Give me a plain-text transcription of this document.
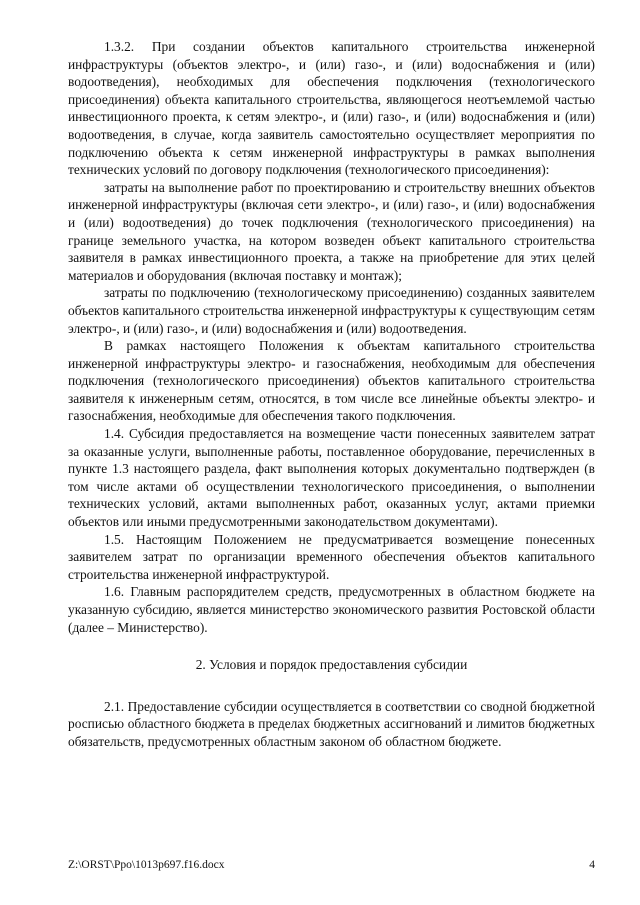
1.3.2. При создании объектов капитального строительства инженерной инфраструктуры (объектов электро-, и (или) газо-, и (или) водоснабжения и (или) водоотведения), необходимых для обеспечения подключения (технологического присоединения) объекта капитального строительства, являющегося неотъемлемой частью инвестиционного проекта, к сетям электро-, и (или) газо-, и (или) водоснабжения и (или) водоотведения, в случае, когда заявитель самостоятельно осуществляет мероприятия по подключению объекта к сетям инженерной инфраструктуры в рамках выполнения технических условий по договору подключения (технологического присоединения):

затраты на выполнение работ по проектированию и строительству внешних объектов инженерной инфраструктуры (включая сети электро-, и (или) газо-, и (или) водоснабжения и (или) водоотведения) до точек подключения (технологического присоединения) на границе земельного участка, на котором возведен объект капитального строительства заявителя в рамках инвестиционного проекта, а также на приобретение для этих целей материалов и оборудования (включая поставку и монтаж);

затраты по подключению (технологическому присоединению) созданных заявителем объектов капитального строительства инженерной инфраструктуры к существующим сетям электро-, и (или) газо-, и (или) водоснабжения и (или) водоотведения.

В рамках настоящего Положения к объектам капитального строительства инженерной инфраструктуры электро- и газоснабжения, необходимым для обеспечения подключения (технологического присоединения) объектов капитального строительства заявителя к инженерным сетям, относятся, в том числе все линейные объекты электро- и газоснабжения, необходимые для обеспечения такого подключения.

1.4. Субсидия предоставляется на возмещение части понесенных заявителем затрат за оказанные услуги, выполненные работы, поставленное оборудование, перечисленных в пункте 1.3 настоящего раздела, факт выполнения которых документально подтвержден (в том числе актами об осуществлении технологического присоединения, о выполнении технических условий, актами выполненных работ, оказанных услуг, актами приемки объектов или иными предусмотренными законодательством документами).

1.5. Настоящим Положением не предусматривается возмещение понесенных заявителем затрат по организации временного обеспечения объектов капитального строительства инженерной инфраструктурой.

1.6. Главным распорядителем средств, предусмотренных в областном бюджете на указанную субсидию, является министерство экономического развития Ростовской области (далее – Министерство).

2. Условия и порядок предоставления субсидии

2.1. Предоставление субсидии осуществляется в соответствии со сводной бюджетной росписью областного бюджета в пределах бюджетных ассигнований и лимитов бюджетных обязательств, предусмотренных областным законом об областном бюджете.

Z:\ORST\Ppo\1013p697.f16.docx	4
